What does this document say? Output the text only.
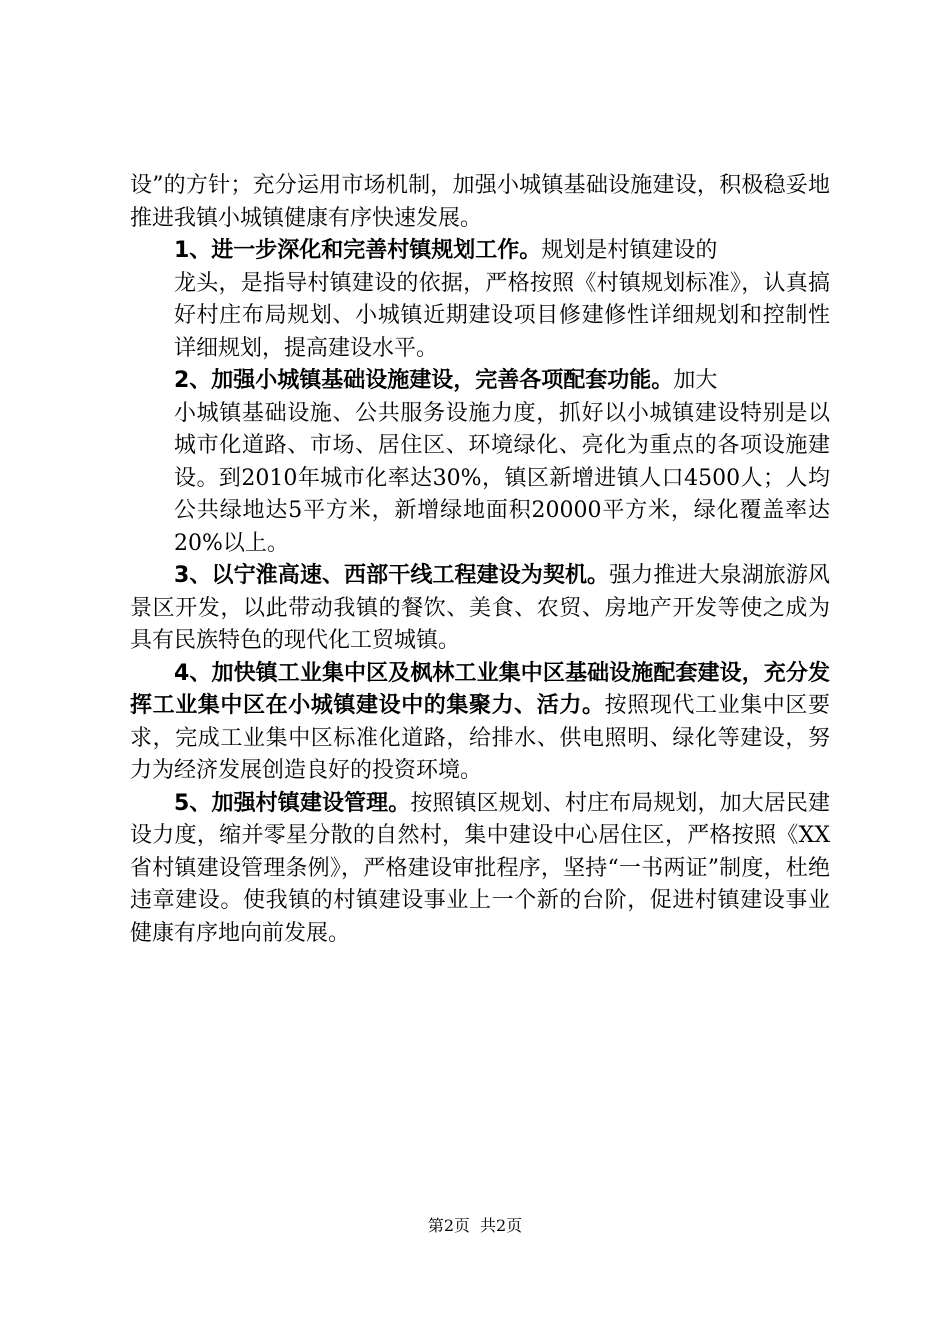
设”的方针；充分运用市场机制，加强小城镇基础设施建设，积极稳妥地推进我镇小城镇健康有序快速发展。

1、进一步深化和完善村镇规划工作。规划是村镇建设的

龙头，是指导村镇建设的依据，严格按照《村镇规划标准》，认真搞好村庄布局规划、小城镇近期建设项目修建修性详细规划和控制性详细规划，提高建设水平。

2、加强小城镇基础设施建设，完善各项配套功能。加大

小城镇基础设施、公共服务设施力度，抓好以小城镇建设特别是以城市化道路、市场、居住区、环境绿化、亮化为重点的各项设施建设。到2010年城市化率达30%，镇区新增进镇人口4500人；人均公共绿地达5平方米，新增绿地面积20000平方米，绿化覆盖率达20%以上。

3、以宁淮高速、西部干线工程建设为契机。强力推进大泉湖旅游风景区开发，以此带动我镇的餐饮、美食、农贸、房地产开发等使之成为具有民族特色的现代化工贸城镇。

4、加快镇工业集中区及枫林工业集中区基础设施配套建设，充分发挥工业集中区在小城镇建设中的集聚力、活力。按照现代工业集中区要求，完成工业集中区标准化道路，给排水、供电照明、绿化等建设，努力为经济发展创造良好的投资环境。

5、加强村镇建设管理。按照镇区规划、村庄布局规划，加大居民建设力度，缩并零星分散的自然村，集中建设中心居住区，严格按照《XX省村镇建设管理条例》，严格建设审批程序，坚持“一书两证”制度，杜绝违章建设。使我镇的村镇建设事业上一个新的台阶，促进村镇建设事业健康有序地向前发展。

第2页 共2页
